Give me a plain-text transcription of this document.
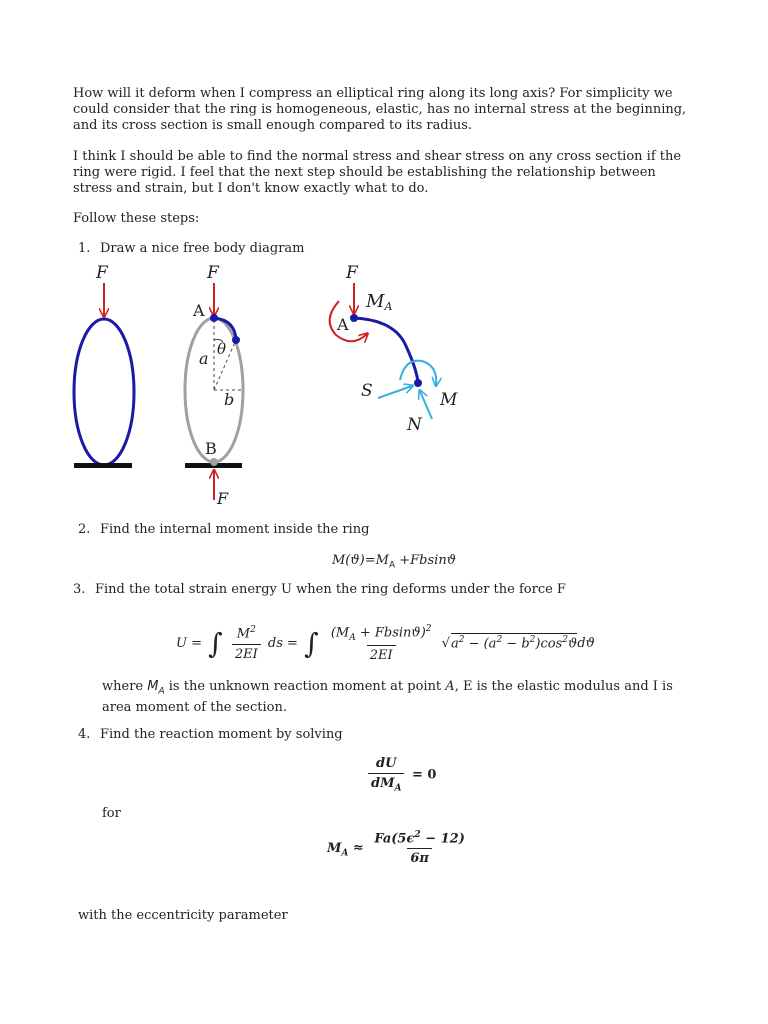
How will it deform when I compress an elliptical ring along its long axis? For simplicity we could consider that the ring is homogeneous, elastic, has no internal stress at the beginning, and its cross section is small enough compared to its radius.

I think I should be able to find the normal stress and shear stress on any cross section if the ring were rigid. I feel that the next step should be establishing the relationship between stress and strain, but I don't know exactly what to do.

Follow these steps:

1. Draw a nice free body diagram
F	F
A
θ
a
b
B
F
F
MA
A
S	M
N
2. Find the internal moment inside the ring
$M(ϑ)=M_A +Fbsinϑ$
3. Find the total strain energy U when the ring deforms under the force F
U = ∫ $\frac{M^2}{2EI}$ ds = ∫ $\frac{(M_A + Fbsinϑ)^2}{2EI} √a^2 - (a^2 - b^2)\cos^2ϑdϑ$

where $M_A$ is the unknown reaction moment at point A, E is the elastic modulus and I is area moment of the section.

4. Find the reaction moment by solving
$\frac{dU}{dM_A} = 0$
for
$M_A \approx \frac{Fa(5\epsilon^2 - 12)}{6\pi}$
with the eccentricity parameter
